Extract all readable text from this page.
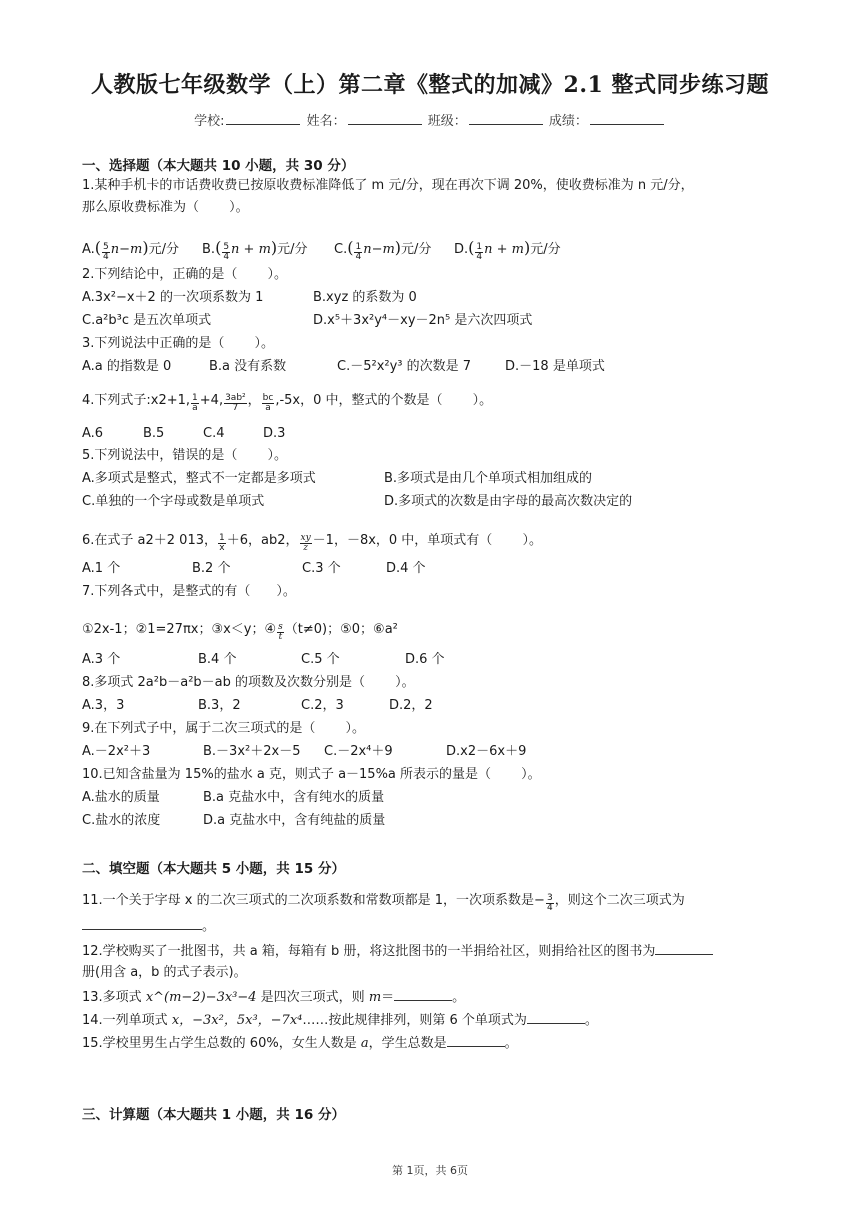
人教版七年级数学（上）第二章《整式的加减》2.1 整式同步练习题
学校:	姓名：	班级：	成绩：
一、选择题（本大题共 10 小题，共 30 分）
1.某种手机卡的市话费收费已按原收费标准降低了 m 元/分，现在再次下调 20%，使收费标准为 n 元/分，
那么原收费标准为（　　 ）。
$A.( \frac{5}{4} n-m)$元/分 $B.( \frac{5}{4}$ n + m)元/分 $C.( \frac{1}{4} n-m)$元/分 $D.( \frac{1}{4}$ n + m)元/分
2.下列结论中，正确的是（　　 ）。
A.3x²−x＋2 的一次项系数为 1	B.xyz 的系数为 0
C.a²b³c 是五次单项式	D.x⁵＋3x²y⁴－xy－2n⁵ 是六次四项式
3.下列说法中正确的是（　　 ）。
A.a 的指数是 0	B.a 没有系数	C.－5²x²y³ 的次数是 7	D.－18 是单项式
4.下列式子:x2+1, $\frac{1}{a} +4$, $\frac{\text{3ab²}}{7}$ ， $\frac{bc}{a} ,-5x$，0 中，整式的个数是（　　 ）。
A.6	B.5	C.4	D.3
5.下列说法中，错误的是（　　 ）。
A.多项式是整式，整式不一定都是多项式	B.多项式是由几个单项式相加组成的
C.单独的一个字母或数是单项式	D.多项式的次数是由字母的最高次数决定的
6.在式子 a2＋2 013， $\frac{1}{x} +6$，ab2， $\frac{xy}{z} -1$，－8x，0 中，单项式有（　　 ）。
A.1 个	B.2 个	C.3 个	D.4 个
7.下列各式中，是整式的有（　　）。
①2x-1；②1=27πx；③x＜y；④ $\frac{s}{t} (t\ne 0)$；⑤0；⑥a²
A.3 个	B.4 个	C.5 个	D.6 个
8.多项式 2a²b－a²b－ab 的项数及次数分别是（　　 ）。
A.3，3	B.3，2	C.2，3	D.2，2
9.在下列式子中，属于二次三项式的是（　　 ）。
A.－2x²＋3	B.－3x²＋2x－5 C.－2x⁴＋9	D.x2－6x＋9
10.已知含盐量为 15%的盐水 a 克，则式子 a－15%a 所表示的量是（　　 ）。
A.盐水的质量	B.a 克盐水中，含有纯水的质量
C.盐水的浓度	D.a 克盐水中，含有纯盐的质量
二、填空题（本大题共 5 小题，共 15 分）
11.一个关于字母 x 的二次三项式的二次项系数和常数项都是 1，一次项系数是− $\frac{3}{4}$ ，则这个二次三项式为
。
12.学校购买了一批图书，共 a 箱，每箱有 b 册，将这批图书的一半捐给社区，则捐给社区的图书为
册(用含 a，b 的式子表示)。
13.多项式 x^(m−2)−3x³−4 是四次三项式，则 m＝	。
14.一列单项式 x，−3x²，5x³，−7x⁴……按此规律排列，则第 6 个单项式为	。
15.学校里男生占学生总数的 60%，女生人数是 a，学生总数是	。
三、计算题（本大题共 1 小题，共 16 分）
第 1页，共 6页
